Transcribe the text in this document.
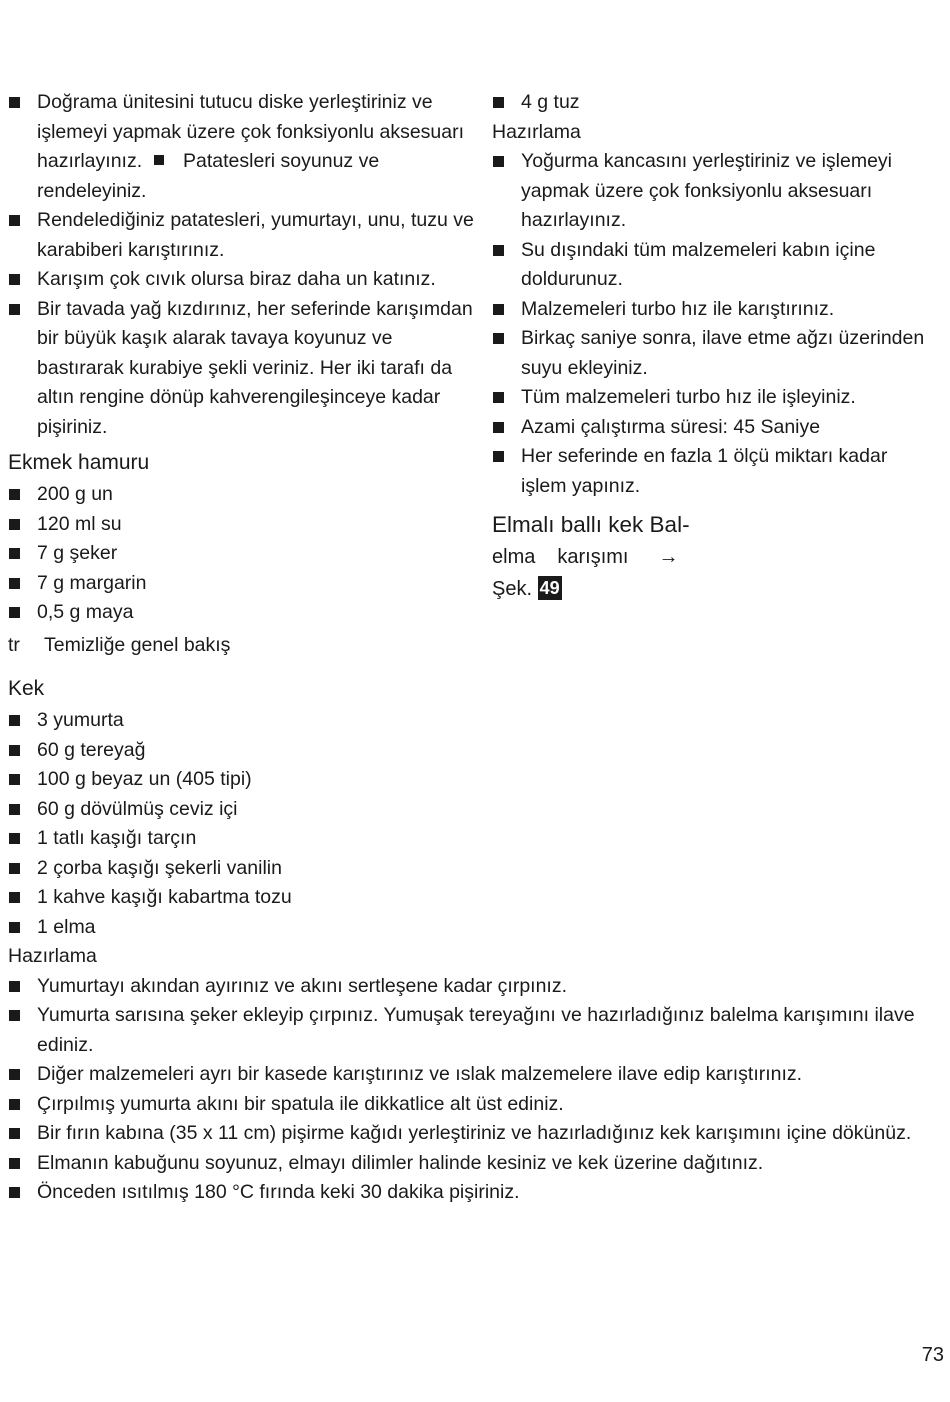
Doğrama ünitesini tutucu diske yerleştiriniz ve işlemeyi yapmak üzere çok fonksiyonlu aksesuarı hazırlayınız. Patatesleri soyunuz ve rendeleyiniz.
Rendelediğiniz patatesleri, yumurtayı, unu, tuzu ve karabiberi karıştırınız.
Karışım çok cıvık olursa biraz daha un katınız.
Bir tavada yağ kızdırınız, her seferinde karışımdan bir büyük kaşık alarak tavaya koyunuz ve bastırarak kurabiye şekli veriniz. Her iki tarafı da altın rengine dönüp kahverengileşinceye kadar pişiriniz.
Ekmek hamuru
200 g un
120 ml su
7 g şeker
7 g margarin
0,5 g maya
tr Temizliğe genel bakış
4 g tuz
Hazırlama
Yoğurma kancasını yerleştiriniz ve işlemeyi yapmak üzere çok fonksiyonlu aksesuarı hazırlayınız.
Su dışındaki tüm malzemeleri kabın içine doldurunuz.
Malzemeleri turbo hız ile karıştırınız.
Birkaç saniye sonra, ilave etme ağzı üzerinden suyu ekleyiniz.
Tüm malzemeleri turbo hız ile işleyiniz.
Azami çalıştırma süresi: 45 Saniye
Her seferinde en fazla 1 ölçü miktarı kadar işlem yapınız.
Elmalı ballı kek Bal-
elma karışımı →
Şek. 49
Kek
3 yumurta
60 g tereyağ
100 g beyaz un (405 tipi)
60 g dövülmüş ceviz içi
1 tatlı kaşığı tarçın
2 çorba kaşığı şekerli vanilin
1 kahve kaşığı kabartma tozu
1 elma
Hazırlama
Yumurtayı akından ayırınız ve akını sertleşene kadar çırpınız.
Yumurta sarısına şeker ekleyip çırpınız. Yumuşak tereyağını ve hazırladığınız balelma karışımını ilave ediniz.
Diğer malzemeleri ayrı bir kasede karıştırınız ve ıslak malzemelere ilave edip karıştırınız.
Çırpılmış yumurta akını bir spatula ile dikkatlice alt üst ediniz.
Bir fırın kabına (35 x 11 cm) pişirme kağıdı yerleştiriniz ve hazırladığınız kek karışımını içine dökünüz.
Elmanın kabuğunu soyunuz, elmayı dilimler halinde kesiniz ve kek üzerine dağıtınız.
Önceden ısıtılmış 180 °C fırında keki 30 dakika pişiriniz.
73
